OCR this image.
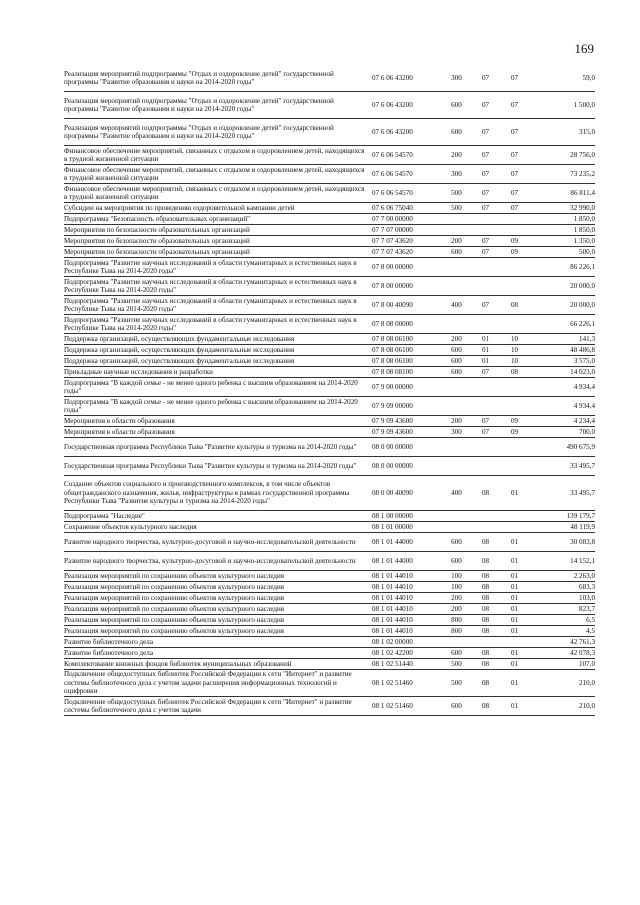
169
Реализация мероприятий подпрограммы "Отдых и оздоровление детей" государственной программы "Развитие образования и науки на 2014-2020 годы"	07 6 06 43200	300	07	07	59,0
Реализация мероприятий подпрограммы "Отдых и оздоровление детей" государственной программы "Развитие образования и науки на 2014-2020 годы"	07 6 06 43200	600	07	07	1 500,0
Реализация мероприятий подпрограммы "Отдых и оздоровление детей" государственной программы "Развитие образования и науки на 2014-2020 годы"	07 6 06 43200	600	07	07	315,0
Финансовое обеспечение мероприятий, связанных с отдыхом и оздоровлением детей, находящихся в трудной жизненной ситуации	07 6 06 54570	200	07	07	28 756,0
Финансовое обеспечение мероприятий, связанных с отдыхом и оздоровлением детей, находящихся в трудной жизненной ситуации	07 6 06 54570	300	07	07	73 235,2
Финансовое обеспечение мероприятий, связанных с отдыхом и оздоровлением детей, находящихся в трудной жизненной ситуации	07 6 06 54570	500	07	07	86 811,4
Субсидии на мероприятия по проведению оздоровительной кампании детей	07 6 06 75040	500	07	07	32 990,0
Подпрограмма "Безопасность образовательных организаций"	07 7 00 00000				1 850,0
Мероприятия по безопасности образовательных организаций	07 7 07 00000				1 850,0
Мероприятия по безопасности образовательных организаций	07 7 07 43620	200	07	09	1 350,0
Мероприятия по безопасности образовательных организаций	07 7 07 43620	600	07	09	500,0
Подпрограмма "Развитие научных исследований в области гуманитарных и естественных наук в Республике Тыва на 2014-2020 годы"	07 8 00 00000				86 226,1
Подпрограмма "Развитие научных исследований в области гуманитарных и естественных наук в Республике Тыва на 2014-2020 годы"	07 8 00 00000				20 000,0
Подпрограмма "Развитие научных исследований в области гуманитарных и естественных наук в Республике Тыва на 2014-2020 годы"	07 8 00 40090	400	07	08	20 000,0
Подпрограмма "Развитие научных исследований в области гуманитарных и естественных наук в Республике Тыва на 2014-2020 годы"	07 8 08 00000				66 226,1
Поддержка организаций, осуществляющих фундаментальные исследования	07 8 08 06100	200	01	10	141,3
Поддержка организаций, осуществляющих фундаментальные исследования	07 8 08 06100	600	01	10	48 486,8
Поддержка организаций, осуществляющих фундаментальные исследования	07 8 08 06100	600	01	10	3 575,0
Прикладные научные исследования и разработки	07 8 08 08100	600	07	08	14 023,0
Подпрограмма "В каждой семье - не менее одного ребенка с высшим образованием на 2014-2020 годы"	07 9 00 00000				4 934,4
Подпрограмма "В каждой семье - не менее одного ребенка с высшим образованием на 2014-2020 годы"	07 9 09 00000				4 934,4
Мероприятия в области образования	07 9 09 43600	200	07	09	4 234,4
Мероприятия в области образования	07 9 09 43600	300	07	09	700,0
Государственная программа Республики Тыва "Развитие культуры и туризма на 2014-2020 годы"	08 0 00 00000				490 675,9
Государственная программа Республики Тыва "Развитие культуры и туризма на 2014-2020 годы"	08 0 00 00000				33 495,7
Создание объектов социального и производственного комплексов, в том числе объектов общегражданского назначения, жилья, инфраструктуры в рамках государственной программы Республики Тыва "Развитие культуры и туризма на 2014-2020 годы"	08 0 00 40090	400	08	01	33 495,7
Подпрограмма "Наследие"	08 1 00 00000				139 179,7
Сохранение объектов культурного наследия	08 1 01 00000				48 119,9
Развитие народного творчества, культурно-досуговой и научно-исследовательской деятельности	08 1 01 44000	600	08	01	30 083,8
Развитие народного творчества, культурно-досуговой и научно-исследовательской деятельности	08 1 01 44000	600	08	01	14 152,1
Реализация мероприятий по сохранению объектов культурного наследия	08 1 01 44010	100	08	01	2 263,0
Реализация мероприятий по сохранению объектов культурного наследия	08 1 01 44010	100	08	01	683,3
Реализация мероприятий по сохранению объектов культурного наследия	08 1 01 44010	200	08	01	103,0
Реализация мероприятий по сохранению объектов культурного наследия	08 1 01 44010	200	08	01	823,7
Реализация мероприятий по сохранению объектов культурного наследия	08 1 01 44010	800	08	01	6,5
Реализация мероприятий по сохранению объектов культурного наследия	08 1 01 44010	800	08	01	4,5
Развитие библиотечного дела	08 1 02 00000				42 761,3
Развитие библиотечного дела	08 1 02 42200	600	08	01	42 078,3
Комплектование книжных фондов библиотек муниципальных образований	08 1 02 51440	500	08	01	107,0
Подключение общедоступных библиотек Российской Федерации к сети "Интернет" и развитие системы библиотечного дела с учетом задачи расширения информационных технологий и оцифровки	08 1 02 51460	500	08	01	210,0
Подключение общедоступных библиотек Российской Федерации к сети "Интернет" и развитие системы библиотечного дела с учетом задачи	08 1 02 51460	600	08	01	210,0
